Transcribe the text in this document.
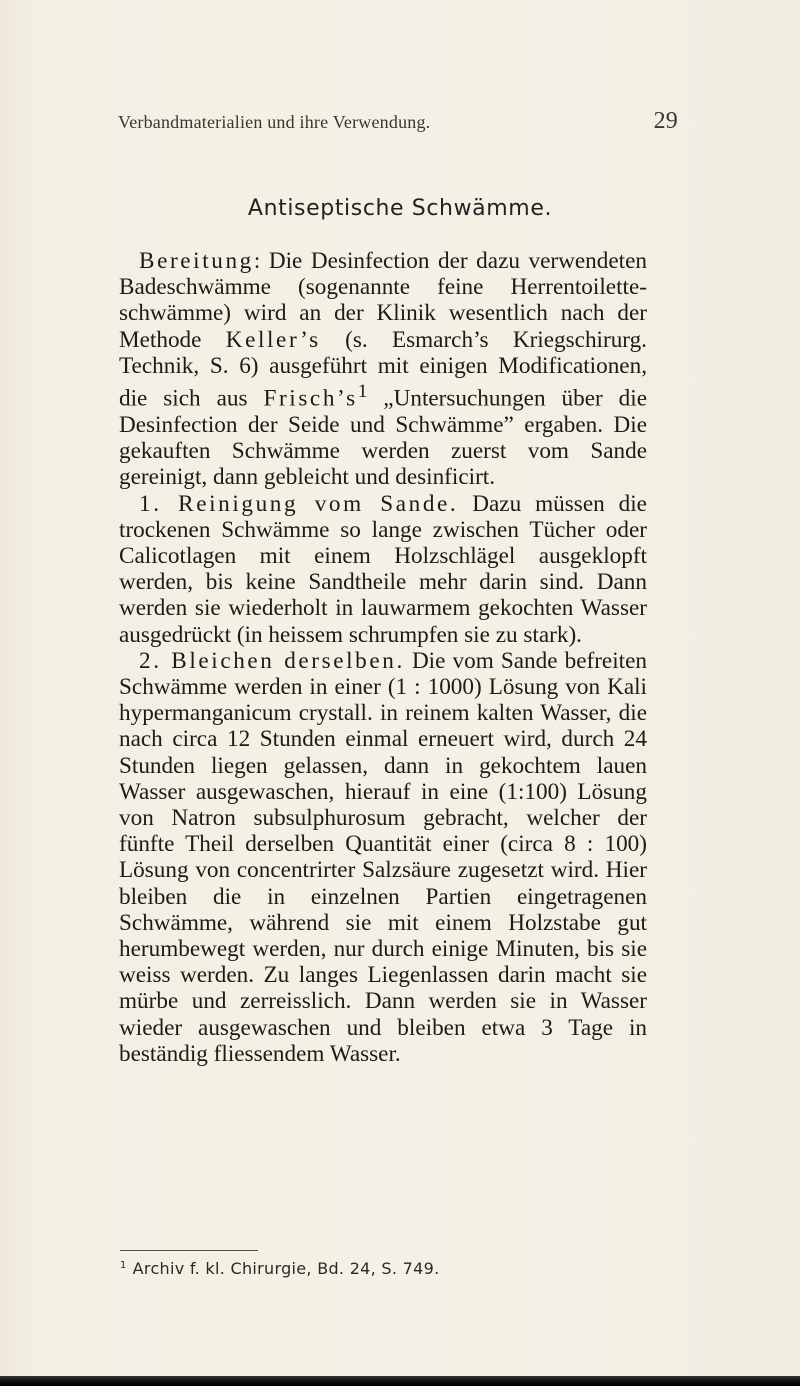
Verbandmaterialien und ihre Verwendung.	29
Antiseptische Schwämme.

Bereitung: Die Desinfection der dazu verwendeten Badeschwämme (sogenannte feine Herrentoiletteschwämme) wird an der Klinik wesentlich nach der Methode Keller’s (s. Esmarch’s Kriegschirurg. Technik, S. 6) ausgeführt mit einigen Modificationen, die sich aus $Frisch’s^1$ „Untersuchungen über die Desinfection der Seide und Schwämme” ergaben. Die gekauften Schwämme werden zuerst vom Sande gereinigt, dann gebleicht und desinficirt.

1. Reinigung vom Sande. Dazu müssen die trockenen Schwämme so lange zwischen Tücher oder Calicotlagen mit einem Holzschlägel ausgeklopft werden, bis keine Sandtheile mehr darin sind. Dann werden sie wiederholt in lauwarmem gekochten Wasser ausgedrückt (in heissem schrumpfen sie zu stark).

2. Bleichen derselben. Die vom Sande befreiten Schwämme werden in einer (1 : 1000) Lösung von Kali hypermanganicum crystall. in reinem kalten Wasser, die nach circa 12 Stunden einmal erneuert wird, durch 24 Stunden liegen gelassen, dann in gekochtem lauen Wasser ausgewaschen, hierauf in eine (1:100) Lösung von Natron subsulphurosum gebracht, welcher der fünfte Theil derselben Quantität einer (circa 8 : 100) Lösung von concentrirter Salzsäure zugesetzt wird. Hier bleiben die in einzelnen Partien eingetragenen Schwämme, während sie mit einem Holzstabe gut herumbewegt werden, nur durch einige Minuten, bis sie weiss werden. Zu langes Liegenlassen darin macht sie mürbe und zerreisslich. Dann werden sie in Wasser wieder ausgewaschen und bleiben etwa 3 Tage in beständig fliessendem Wasser.

$^1$ Archiv f. kl. Chirurgie, Bd. 24, S. 749.
